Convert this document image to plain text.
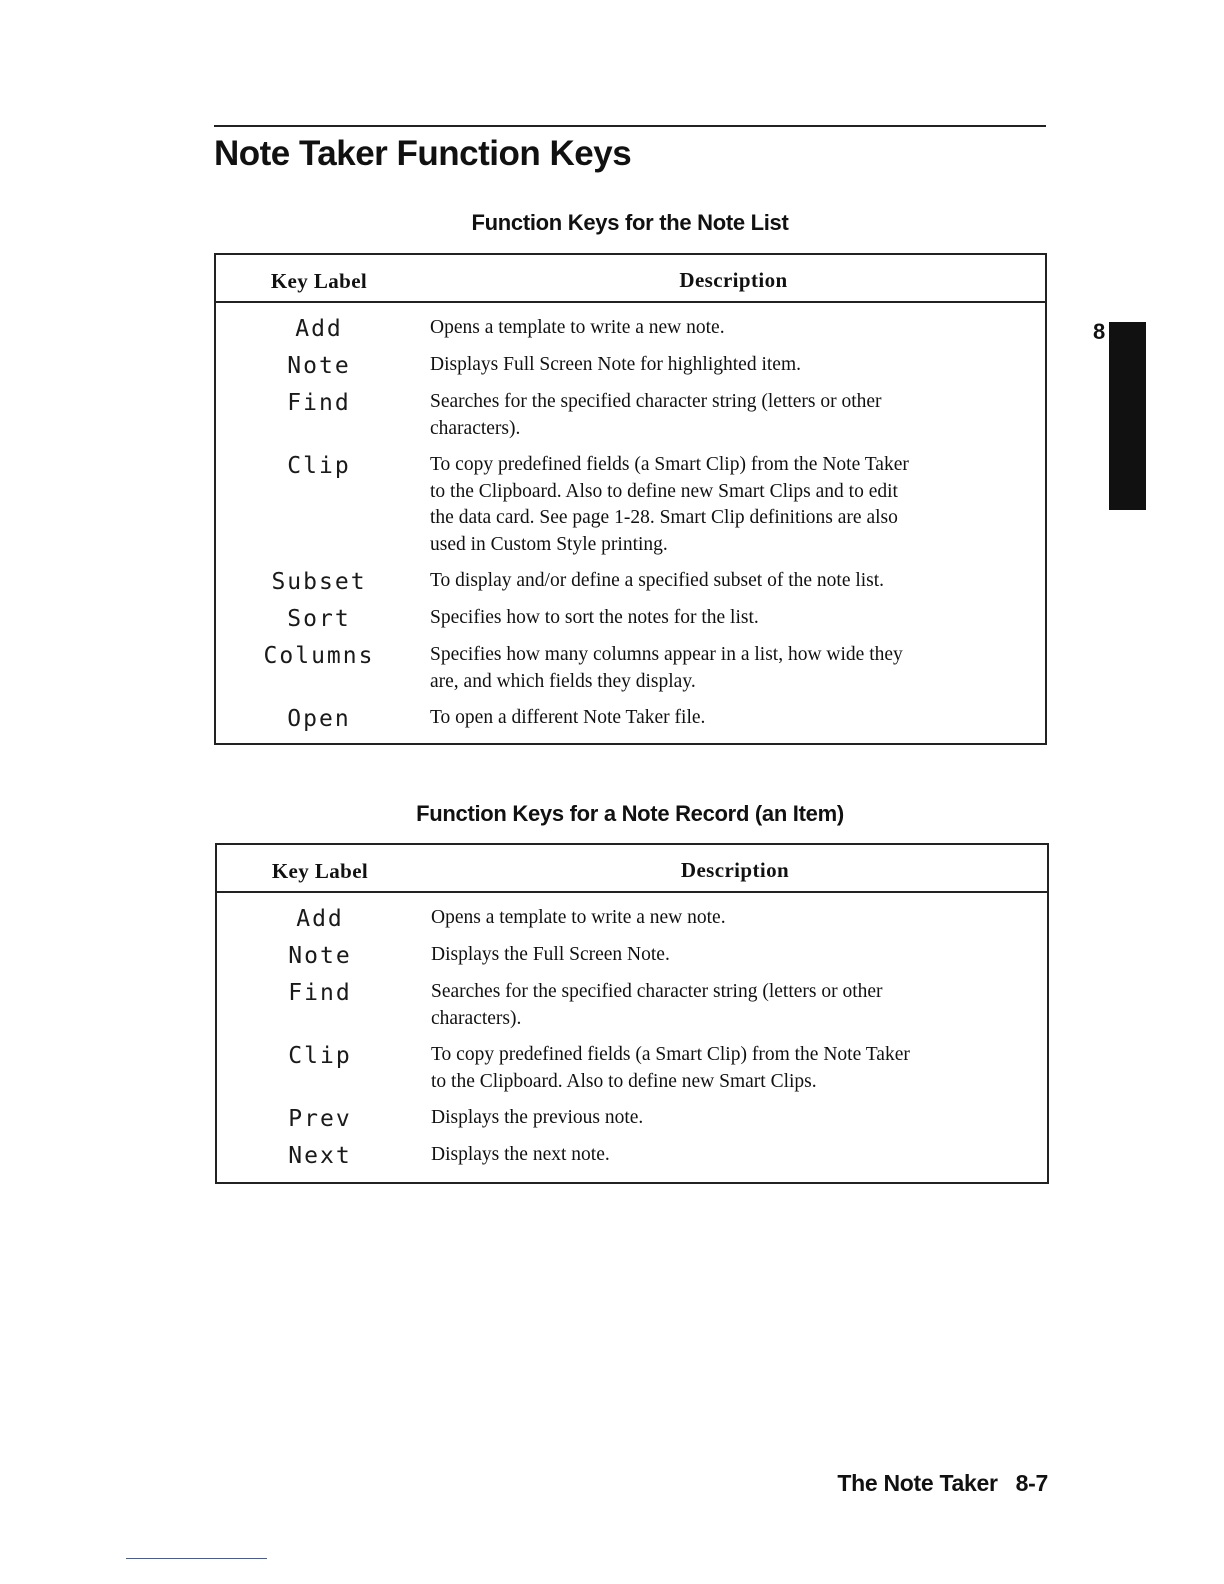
Note Taker Function Keys
Function Keys for the Note List
Key Label	Description
Add	Opens a template to write a new note.
Note	Displays Full Screen Note for highlighted item.
Find	Searches for the specified character string (letters or other
characters).
Clip	To copy predefined fields (a Smart Clip) from the Note Taker
to the Clipboard. Also to define new Smart Clips and to edit
the data card. See page 1-28. Smart Clip definitions are also
used in Custom Style printing.
Subset	To display and/or define a specified subset of the note list.
Sort	Specifies how to sort the notes for the list.
Columns	Specifies how many columns appear in a list, how wide they
are, and which fields they display.
Open	To open a different Note Taker file.
Function Keys for a Note Record (an Item)
Key Label	Description
Add	Opens a template to write a new note.
Note	Displays the Full Screen Note.
Find	Searches for the specified character string (letters or other
characters).
Clip	To copy predefined fields (a Smart Clip) from the Note Taker
to the Clipboard. Also to define new Smart Clips.
Prev	Displays the previous note.
Next	Displays the next note.
8
The Note Taker 8-7
